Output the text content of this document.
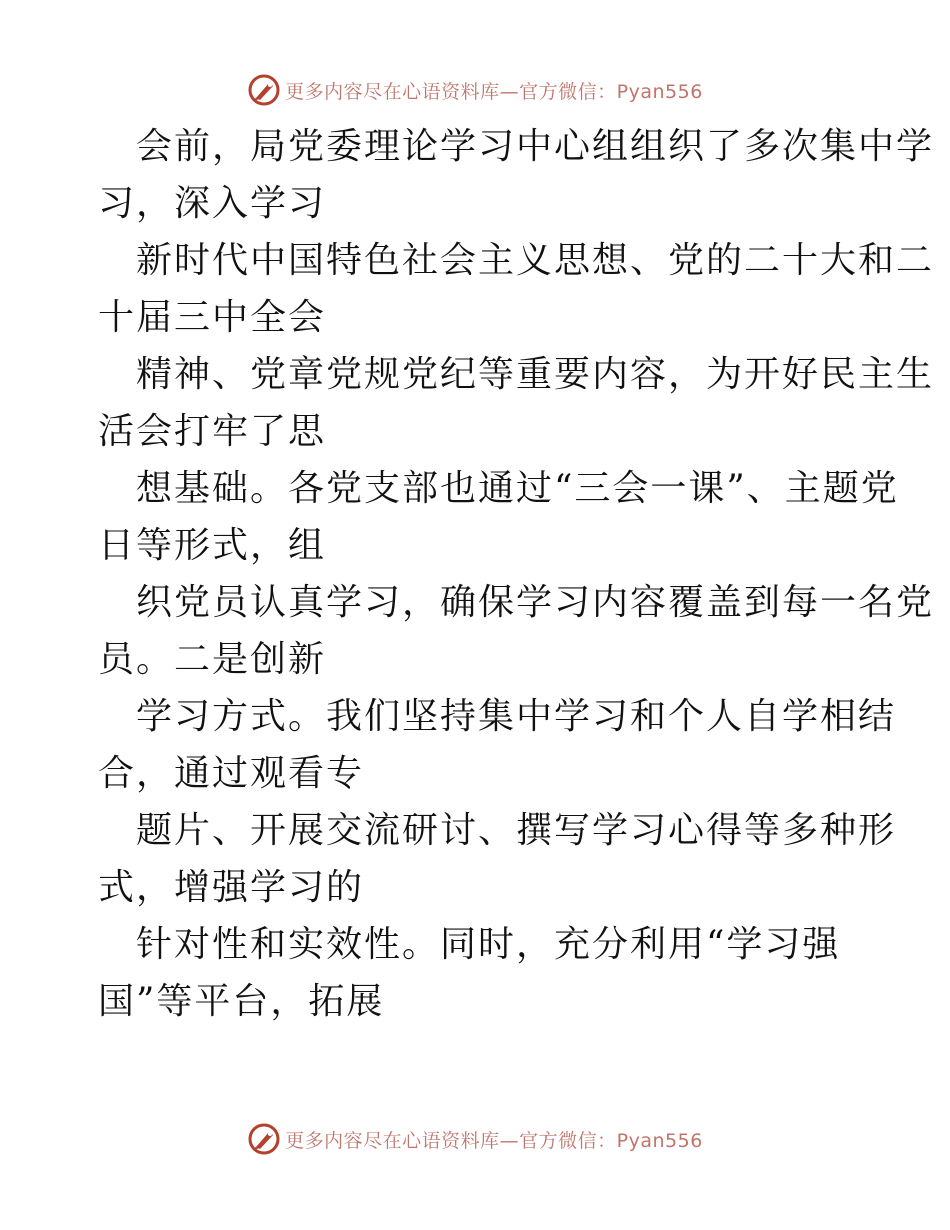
更多内容尽在心语资料库—官方微信：Pyan556

会前，局党委理论学习中心组组织了多次集中学
习，深入学习

新时代中国特色社会主义思想、党的二十大和二
十届三中全会

精神、党章党规党纪等重要内容，为开好民主生
活会打牢了思

想基础。各党支部也通过“三会一课”、主题党
日等形式，组

织党员认真学习，确保学习内容覆盖到每一名党
员。二是创新

学习方式。我们坚持集中学习和个人自学相结
合，通过观看专

题片、开展交流研讨、撰写学习心得等多种形
式，增强学习的

针对性和实效性。同时，充分利用“学习强
国”等平台，拓展

更多内容尽在心语资料库—官方微信：Pyan556
